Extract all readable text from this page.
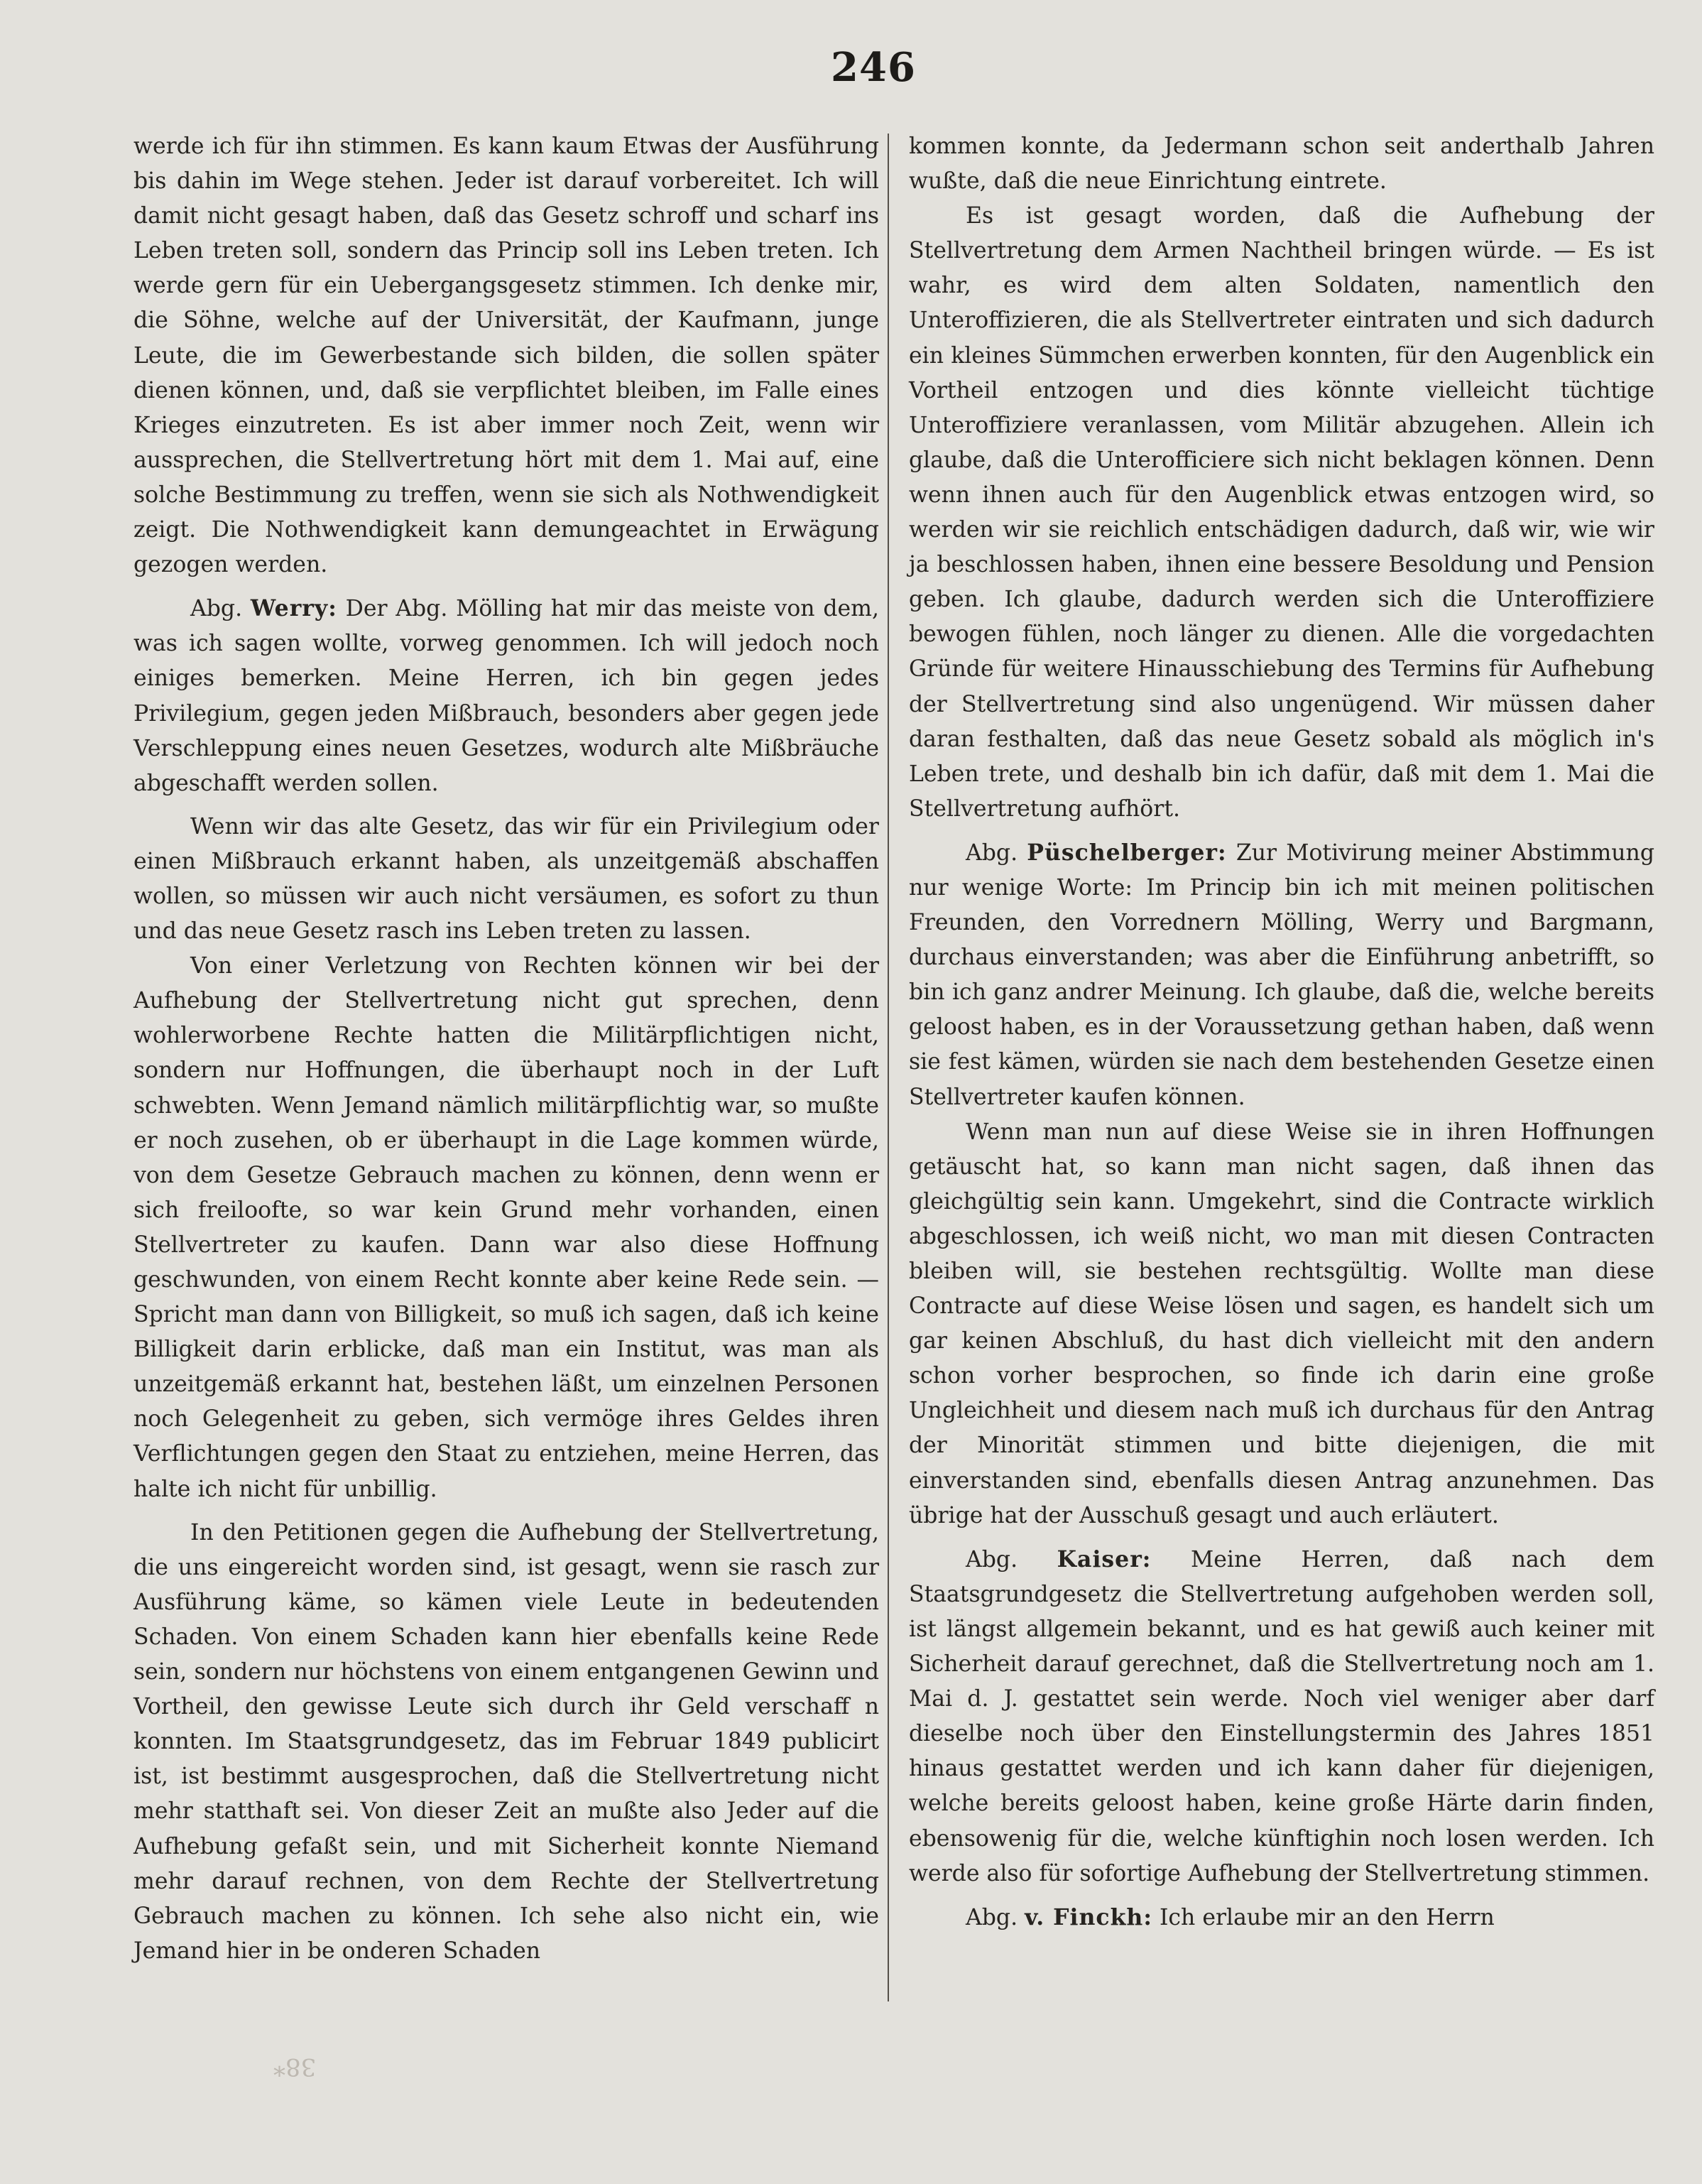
246

werde ich für ihn stimmen. Es kann kaum Etwas der Ausführung bis dahin im Wege stehen. Jeder ist darauf vorbereitet. Ich will damit nicht gesagt haben, daß das Gesetz schroff und scharf ins Leben treten soll, sondern das Princip soll ins Leben treten. Ich werde gern für ein Uebergangsgesetz stimmen. Ich denke mir, die Söhne, welche auf der Universität, der Kaufmann, junge Leute, die im Gewerbestande sich bilden, die sollen später dienen können, und, daß sie verpflichtet bleiben, im Falle eines Krieges einzutreten. Es ist aber immer noch Zeit, wenn wir aussprechen, die Stellvertretung hört mit dem 1. Mai auf, eine solche Bestimmung zu treffen, wenn sie sich als Nothwendigkeit zeigt. Die Nothwendigkeit kann demungeachtet in Erwägung gezogen werden.

Abg. Werry: Der Abg. Mölling hat mir das meiste von dem, was ich sagen wollte, vorweg genommen. Ich will jedoch noch einiges bemerken. Meine Herren, ich bin gegen jedes Privilegium, gegen jeden Mißbrauch, besonders aber gegen jede Verschleppung eines neuen Gesetzes, wodurch alte Mißbräuche abgeschafft werden sollen.

Wenn wir das alte Gesetz, das wir für ein Privilegium oder einen Mißbrauch erkannt haben, als unzeitgemäß abschaffen wollen, so müssen wir auch nicht versäumen, es sofort zu thun und das neue Gesetz rasch ins Leben treten zu lassen.

Von einer Verletzung von Rechten können wir bei der Aufhebung der Stellvertretung nicht gut sprechen, denn wohlerworbene Rechte hatten die Militärpflichtigen nicht, sondern nur Hoffnungen, die überhaupt noch in der Luft schwebten. Wenn Jemand nämlich militärpflichtig war, so mußte er noch zusehen, ob er überhaupt in die Lage kommen würde, von dem Gesetze Gebrauch machen zu können, denn wenn er sich freiloofte, so war kein Grund mehr vorhanden, einen Stellvertreter zu kaufen. Dann war also diese Hoffnung geschwunden, von einem Recht konnte aber keine Rede sein. — Spricht man dann von Billigkeit, so muß ich sagen, daß ich keine Billigkeit darin erblicke, daß man ein Institut, was man als unzeitgemäß erkannt hat, bestehen läßt, um einzelnen Personen noch Gelegenheit zu geben, sich vermöge ihres Geldes ihren Verflichtungen gegen den Staat zu entziehen, meine Herren, das halte ich nicht für unbillig.

In den Petitionen gegen die Aufhebung der Stellvertretung, die uns eingereicht worden sind, ist gesagt, wenn sie rasch zur Ausführung käme, so kämen viele Leute in bedeutenden Schaden. Von einem Schaden kann hier ebenfalls keine Rede sein, sondern nur höchstens von einem entgangenen Gewinn und Vortheil, den gewisse Leute sich durch ihr Geld verschaff n konnten. Im Staatsgrundgesetz, das im Februar 1849 publicirt ist, ist bestimmt ausgesprochen, daß die Stellvertretung nicht mehr statthaft sei. Von dieser Zeit an mußte also Jeder auf die Aufhebung gefaßt sein, und mit Sicherheit konnte Niemand mehr darauf rechnen, von dem Rechte der Stellvertretung Gebrauch machen zu können. Ich sehe also nicht ein, wie Jemand hier in be onderen Schaden

kommen konnte, da Jedermann schon seit anderthalb Jahren wußte, daß die neue Einrichtung eintrete.

Es ist gesagt worden, daß die Aufhebung der Stellvertretung dem Armen Nachtheil bringen würde. — Es ist wahr, es wird dem alten Soldaten, namentlich den Unteroffizieren, die als Stellvertreter eintraten und sich dadurch ein kleines Sümmchen erwerben konnten, für den Augenblick ein Vortheil entzogen und dies könnte vielleicht tüchtige Unteroffiziere veranlassen, vom Militär abzugehen. Allein ich glaube, daß die Unterofficiere sich nicht beklagen können. Denn wenn ihnen auch für den Augenblick etwas entzogen wird, so werden wir sie reichlich entschädigen dadurch, daß wir, wie wir ja beschlossen haben, ihnen eine bessere Besoldung und Pension geben. Ich glaube, dadurch werden sich die Unteroffiziere bewogen fühlen, noch länger zu dienen. Alle die vorgedachten Gründe für weitere Hinausschiebung des Termins für Aufhebung der Stellvertretung sind also ungenügend. Wir müssen daher daran festhalten, daß das neue Gesetz sobald als möglich in's Leben trete, und deshalb bin ich dafür, daß mit dem 1. Mai die Stellvertretung aufhört.

Abg. Püschelberger: Zur Motivirung meiner Abstimmung nur wenige Worte: Im Princip bin ich mit meinen politischen Freunden, den Vorrednern Mölling, Werry und Bargmann, durchaus einverstanden; was aber die Einführung anbetrifft, so bin ich ganz andrer Meinung. Ich glaube, daß die, welche bereits geloost haben, es in der Voraussetzung gethan haben, daß wenn sie fest kämen, würden sie nach dem bestehenden Gesetze einen Stellvertreter kaufen können.

Wenn man nun auf diese Weise sie in ihren Hoffnungen getäuscht hat, so kann man nicht sagen, daß ihnen das gleichgültig sein kann. Umgekehrt, sind die Contracte wirklich abgeschlossen, ich weiß nicht, wo man mit diesen Contracten bleiben will, sie bestehen rechtsgültig. Wollte man diese Contracte auf diese Weise lösen und sagen, es handelt sich um gar keinen Abschluß, du hast dich vielleicht mit den andern schon vorher besprochen, so finde ich darin eine große Ungleichheit und diesem nach muß ich durchaus für den Antrag der Minorität stimmen und bitte diejenigen, die mit einverstanden sind, ebenfalls diesen Antrag anzunehmen. Das übrige hat der Ausschuß gesagt und auch erläutert.

Abg. Kaiser: Meine Herren, daß nach dem Staatsgrundgesetz die Stellvertretung aufgehoben werden soll, ist längst allgemein bekannt, und es hat gewiß auch keiner mit Sicherheit darauf gerechnet, daß die Stellvertretung noch am 1. Mai d. J. gestattet sein werde. Noch viel weniger aber darf dieselbe noch über den Einstellungstermin des Jahres 1851 hinaus gestattet werden und ich kann daher für diejenigen, welche bereits geloost haben, keine große Härte darin finden, ebensowenig für die, welche künftighin noch losen werden. Ich werde also für sofortige Aufhebung der Stellvertretung stimmen.

Abg. v. Finckh: Ich erlaube mir an den Herrn

38*
